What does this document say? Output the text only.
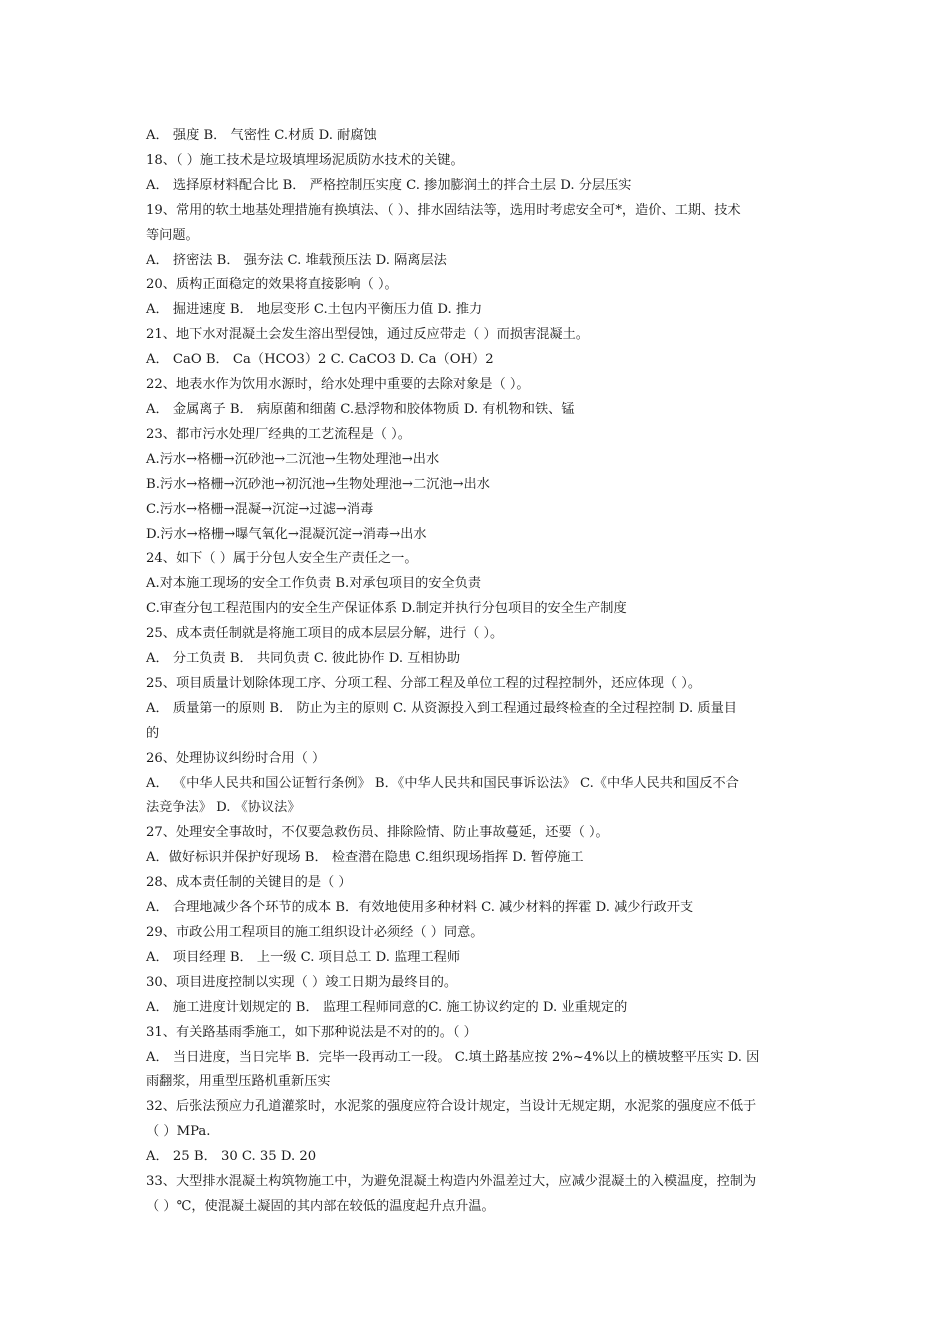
A． 强度 B． 气密性 C.材质 D. 耐腐蚀

18、（ ）施工技术是垃圾填埋场泥质防水技术的关键。

A． 选择原材料配合比 B． 严格控制压实度 C. 掺加膨润土的拌合土层 D. 分层压实

19、常用的软土地基处理措施有换填法、（ ）、排水固结法等，选用时考虑安全可*，造价、工期、技术

等问题。

A． 挤密法 B． 强夯法 C. 堆载预压法 D. 隔离层法

20、质构正面稳定的效果将直接影响（ ）。

A． 掘进速度 B． 地层变形 C.土包内平衡压力值 D. 推力

21、地下水对混凝土会发生溶出型侵蚀，通过反应带走（ ）而损害混凝土。

A． CaO B． Ca（HCO3）2 C. CaCO3 D. Ca（OH）2

22、地表水作为饮用水源时，给水处理中重要的去除对象是（ ）。

A． 金属离子 B． 病原菌和细菌 C.悬浮物和胶体物质 D. 有机物和铁、锰

23、都市污水处理厂经典的工艺流程是（ ）。

A.污水→格栅→沉砂池→二沉池→生物处理池→出水

B.污水→格栅→沉砂池→初沉池→生物处理池→二沉池→出水

C.污水→格栅→混凝→沉淀→过滤→消毒

D.污水→格栅→曝气氧化→混凝沉淀→消毒→出水

24、如下（ ）属于分包人安全生产责任之一。

A.对本施工现场的安全工作负责 B.对承包项目的安全负责

C.审查分包工程范围内的安全生产保证体系 D.制定并执行分包项目的安全生产制度

25、成本责任制就是将施工项目的成本层层分解，进行（ ）。

A． 分工负责 B． 共同负责 C. 彼此协作 D. 互相协助

25、项目质量计划除体现工序、分项工程、分部工程及单位工程的过程控制外，还应体现（ ）。

A． 质量第一的原则 B． 防止为主的原则 C. 从资源投入到工程通过最终检查的全过程控制 D. 质量目

的

26、处理协议纠纷时合用（ ）

A． 《中华人民共和国公证暂行条例》 B．《中华人民共和国民事诉讼法》 C.《中华人民共和国反不合

法竞争法》 D. 《协议法》

27、处理安全事故时，不仅要急救伤员、排除险情、防止事故蔓延，还要（ ）。

A．做好标识并保护好现场 B． 检查潜在隐患 C.组织现场指挥 D. 暂停施工

28、成本责任制的关键目的是（ ）

A． 合理地减少各个环节的成本 B．有效地使用多种材料 C. 减少材料的挥霍 D. 减少行政开支

29、市政公用工程项目的施工组织设计必须经（ ）同意。

A． 项目经理 B． 上一级 C. 项目总工 D. 监理工程师

30、项目进度控制以实现（ ）竣工日期为最终目的。

A． 施工进度计划规定的 B． 监理工程师同意的C. 施工协议约定的 D. 业重规定的

31、有关路基雨季施工，如下那种说法是不对的的。（ ）

A． 当日进度，当日完毕 B．完毕一段再动工一段。 C.填土路基应按 2%~4%以上的横坡整平压实 D. 因

雨翻浆，用重型压路机重新压实

32、后张法预应力孔道灌浆时，水泥浆的强度应符合设计规定，当设计无规定期，水泥浆的强度应不低于

（ ）MPa.

A． 25 B． 30 C. 35 D. 20

33、大型排水混凝土构筑物施工中，为避免混凝土构造内外温差过大，应减少混凝土的入模温度，控制为

（ ）℃，使混凝土凝固的其内部在较低的温度起升点升温。
